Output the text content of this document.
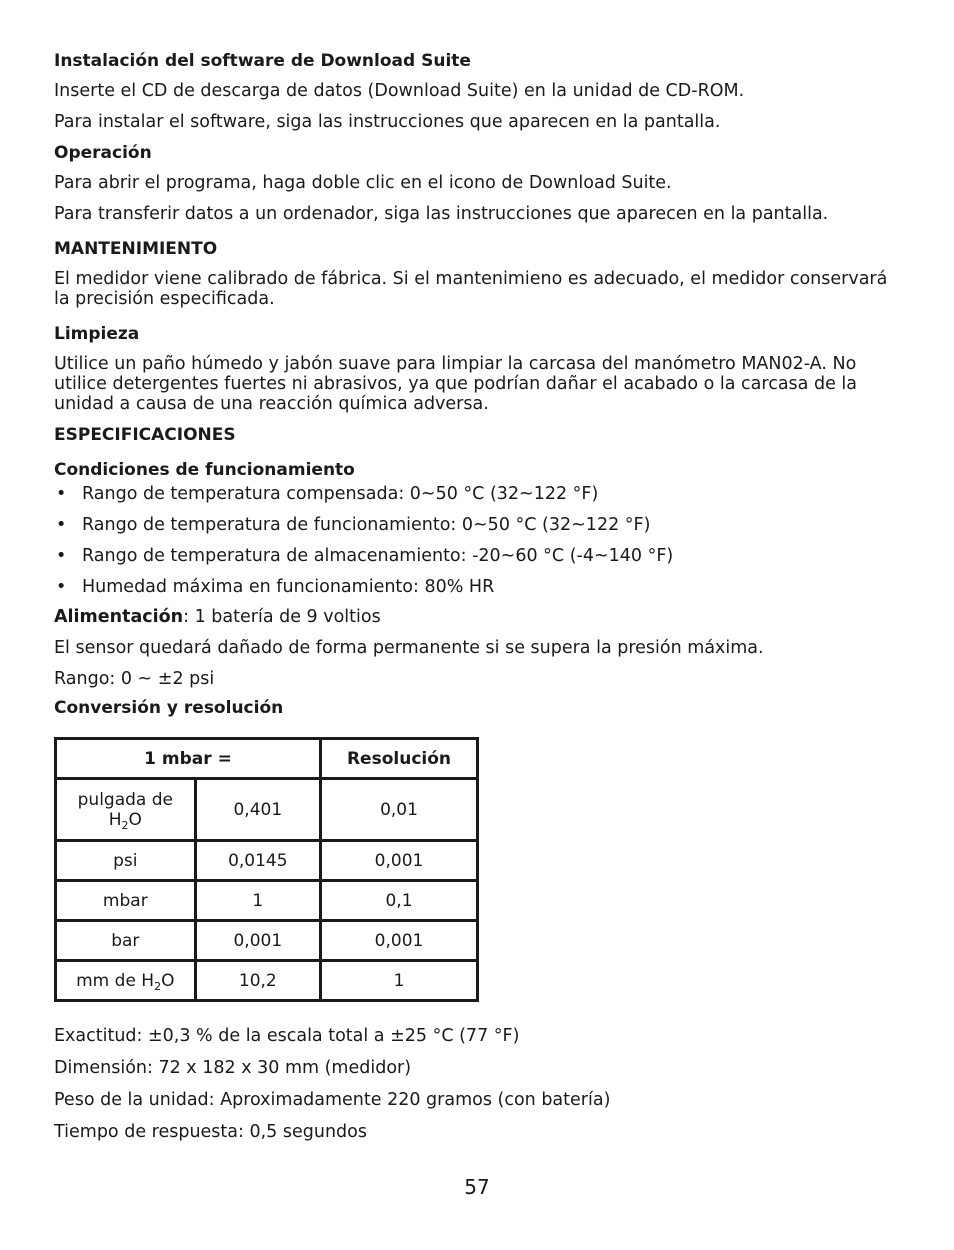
Instalación del software de Download Suite

Inserte el CD de descarga de datos (Download Suite) en la unidad de CD-ROM.

Para instalar el software, siga las instrucciones que aparecen en la pantalla.

Operación

Para abrir el programa, haga doble clic en el icono de Download Suite.

Para transferir datos a un ordenador, siga las instrucciones que aparecen en la pantalla.

MANTENIMIENTO

El medidor viene calibrado de fábrica. Si el mantenimieno es adecuado, el medidor conservará la precisión especificada.

Limpieza

Utilice un paño húmedo y jabón suave para limpiar la carcasa del manómetro MAN02-A. No utilice detergentes fuertes ni abrasivos, ya que podrían dañar el acabado o la carcasa de la unidad a causa de una reacción química adversa.

ESPECIFICACIONES

Condiciones de funcionamiento

• Rango de temperatura compensada: 0~50 °C (32~122 °F)
• Rango de temperatura de funcionamiento: 0~50 °C (32~122 °F)
• Rango de temperatura de almacenamiento: -20~60 °C (-4~140 °F)
• Humedad máxima en funcionamiento: 80% HR

Alimentación: 1 batería de 9 voltios

El sensor quedará dañado de forma permanente si se supera la presión máxima.

Rango: 0 ~ ±2 psi

Conversión y resolución

1 mbar =		Resolución
pulgada de $H_2O$	0,401	0,01
psi	0,0145	0,001
mbar	1	0,1
bar	0,001	0,001
mm de $H_2O$	10,2	1

Exactitud: ±0,3 % de la escala total a ±25 °C (77 °F)

Dimensión: 72 x 182 x 30 mm (medidor)

Peso de la unidad: Aproximadamente 220 gramos (con batería)

Tiempo de respuesta: 0,5 segundos

57
